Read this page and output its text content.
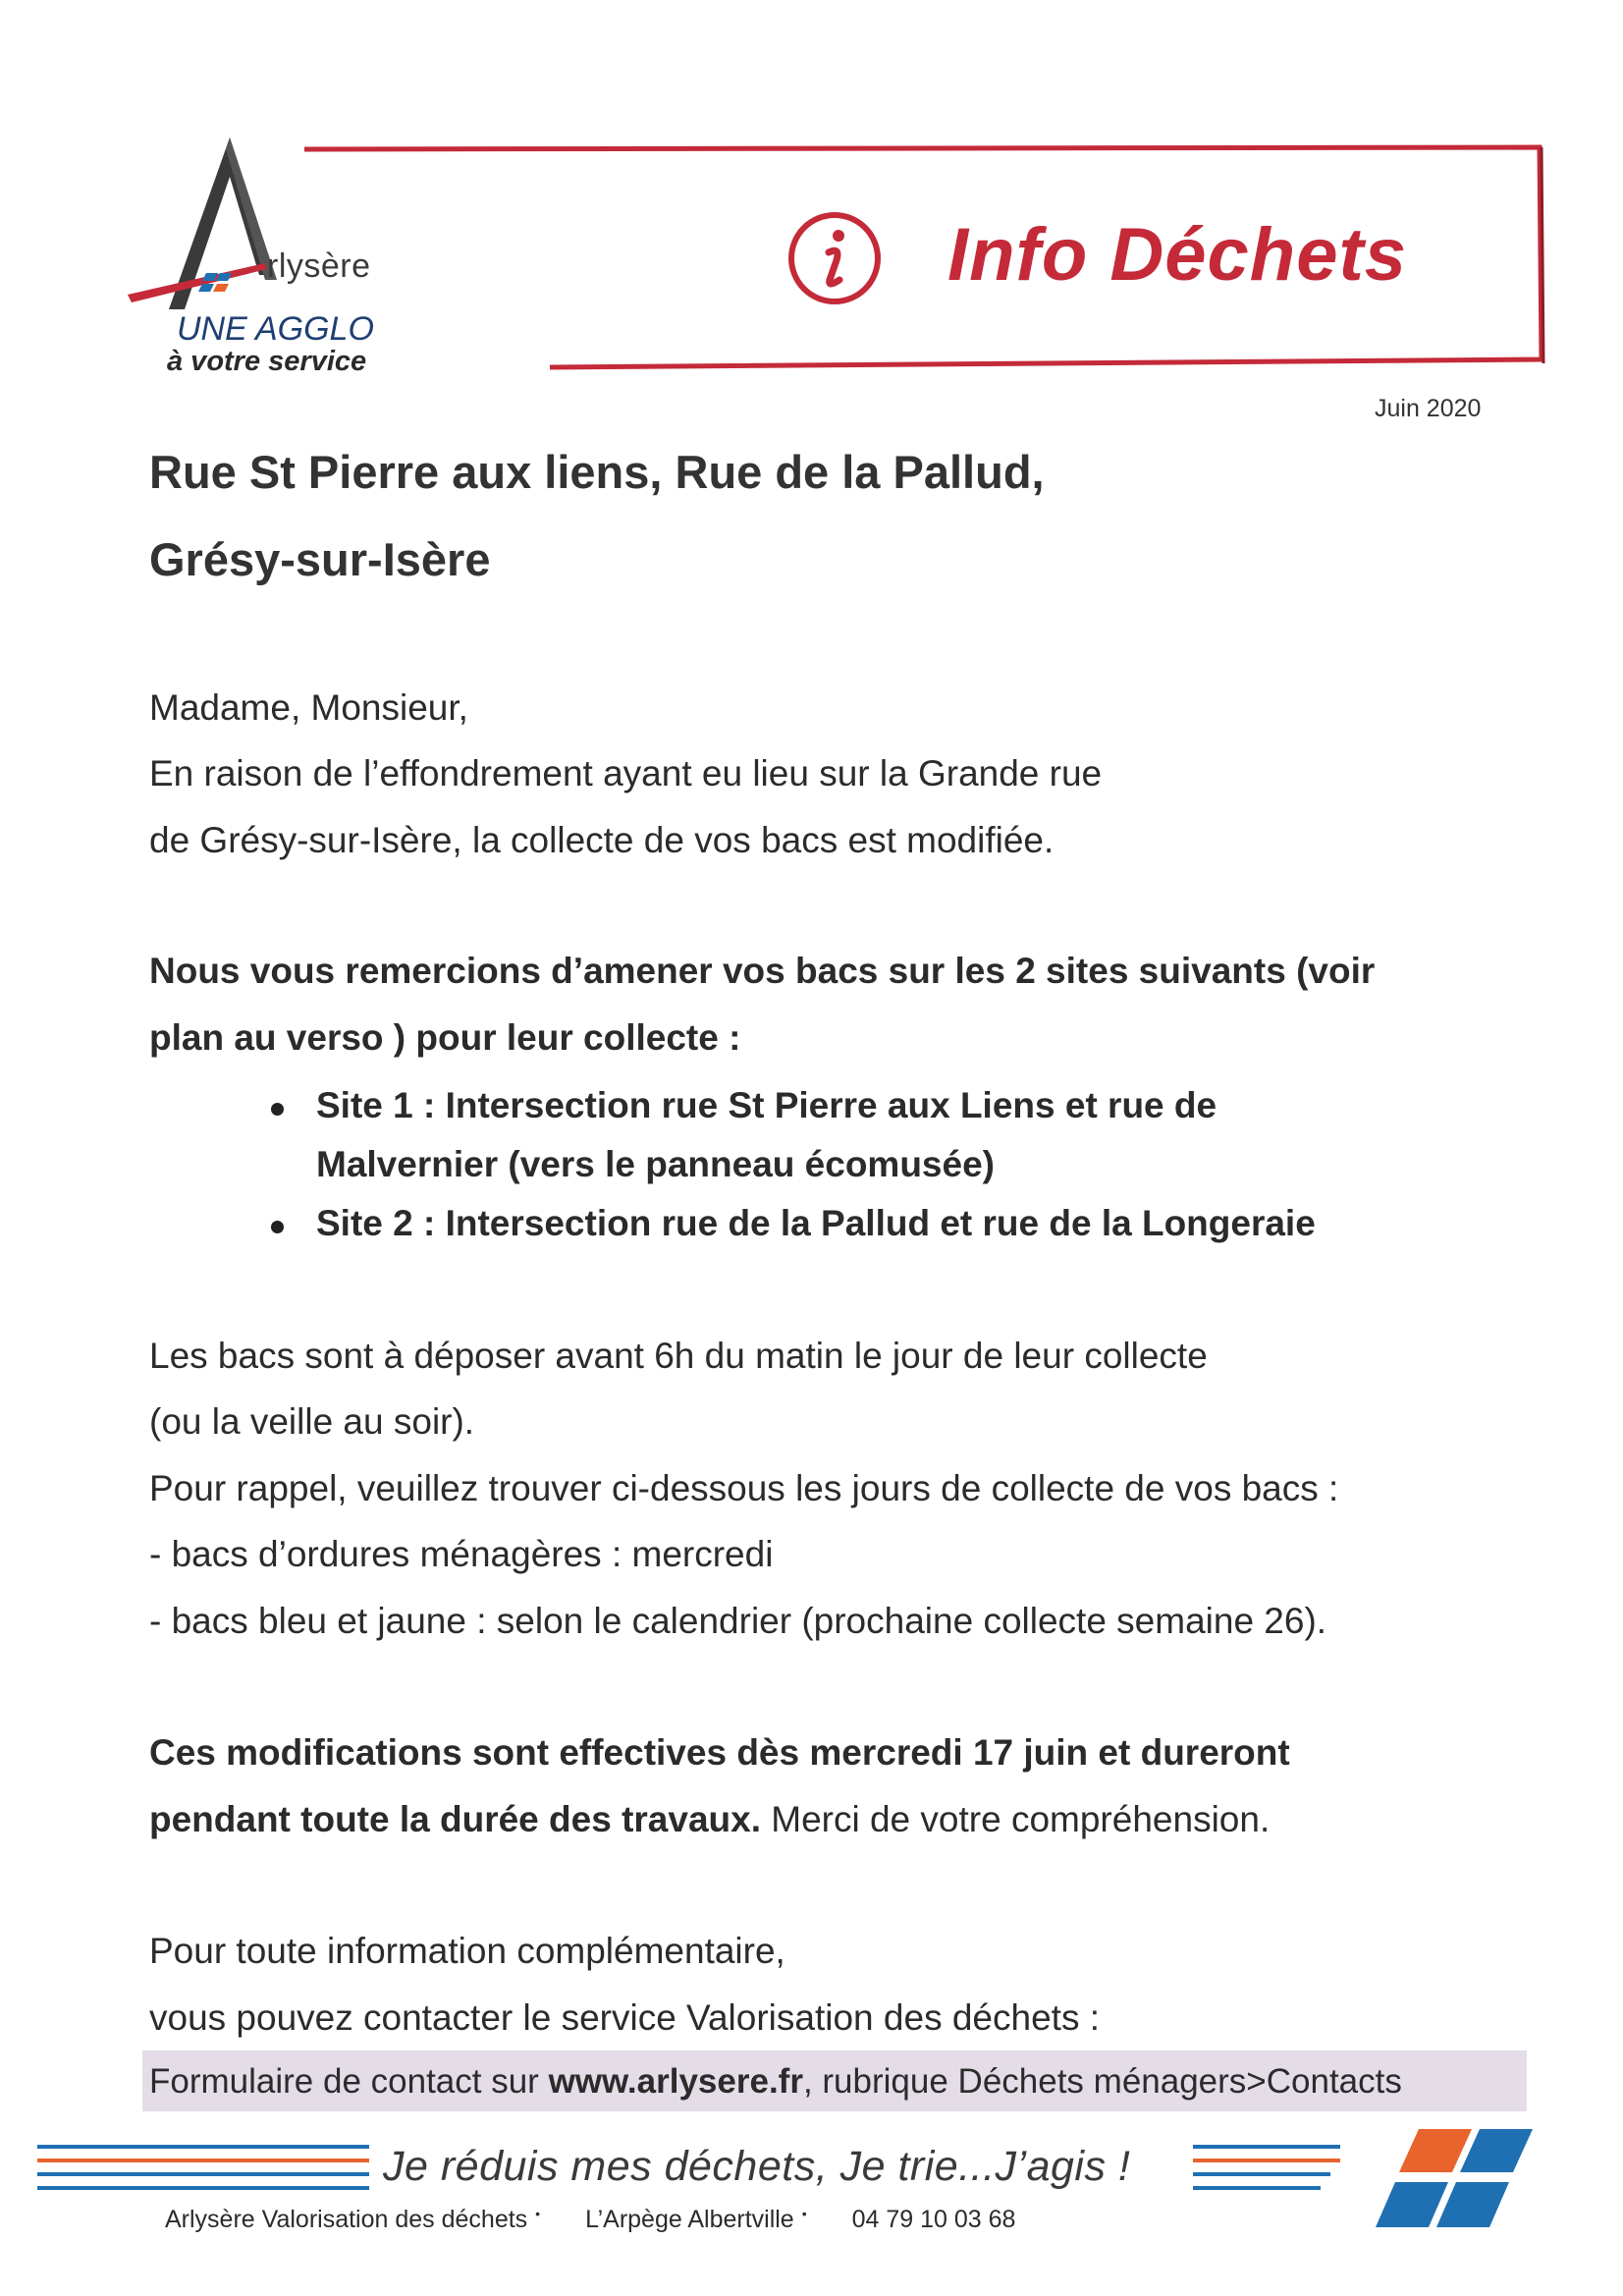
rlysère
UNE AGGLO
à votre service
Info Déchets
Juin 2020
Rue St Pierre aux liens, Rue de la Pallud,
Grésy-sur-Isère
Madame, Monsieur,
En raison de l’effondrement ayant eu lieu sur la Grande rue
de Grésy-sur-Isère, la collecte de vos bacs est modifiée.
Nous vous remercions d’amener vos bacs sur les 2 sites suivants (voir
plan au verso ) pour leur collecte :
Site 1 : Intersection rue St Pierre aux Liens et rue de
Malvernier (vers le panneau écomusée)
Site 2 : Intersection rue de la Pallud et rue de la Longeraie
Les bacs sont à déposer avant 6h du matin le jour de leur collecte
(ou la veille au soir).
Pour rappel, veuillez trouver ci-dessous les jours de collecte de vos bacs :
- bacs d’ordures ménagères : mercredi
- bacs bleu et jaune : selon le calendrier (prochaine collecte semaine 26).
Ces modifications sont effectives dès mercredi 17 juin et dureront
pendant toute la durée des travaux. Merci de votre compréhension.
Pour toute information complémentaire,
vous pouvez contacter le service Valorisation des déchets :
Formulaire de contact sur www.arlysere.fr, rubrique Déchets ménagers>Contacts
Je réduis mes déchets, Je trie...J’agis !
Arlysère Valorisation des déchets • L’Arpège Albertville • 04 79 10 03 68
